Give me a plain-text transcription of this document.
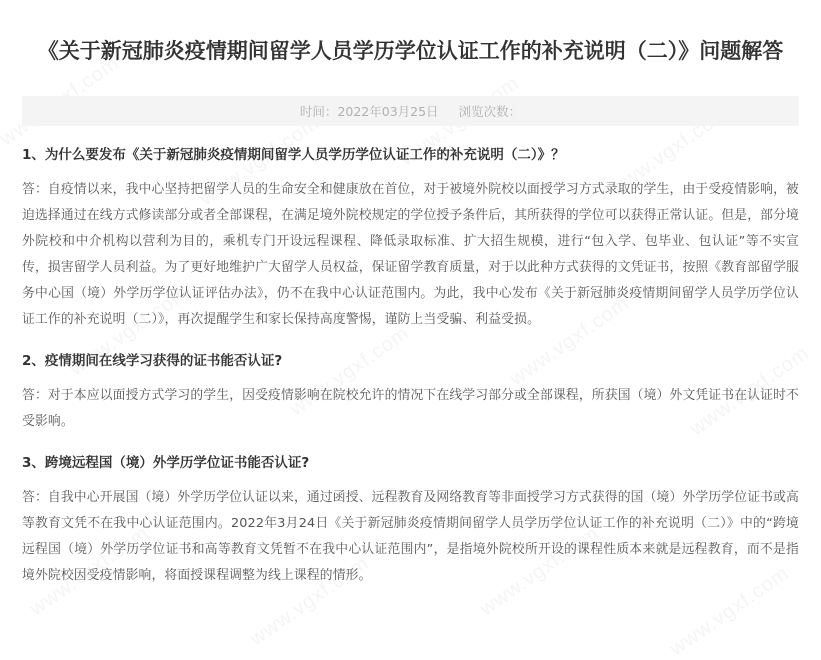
《关于新冠肺炎疫情期间留学人员学历学位认证工作的补充说明（二）》问题解答
时间：2022年03月25日 浏览次数：

1、为什么要发布《关于新冠肺炎疫情期间留学人员学历学位认证工作的补充说明（二）》？

答：自疫情以来，我中心坚持把留学人员的生命安全和健康放在首位，对于被境外院校以面授学习方式录取的学生，由于受疫情影响，被迫选择通过在线方式修读部分或者全部课程，在满足境外院校规定的学位授予条件后，其所获得的学位可以获得正常认证。但是，部分境外院校和中介机构以营利为目的，乘机专门开设远程课程、降低录取标准、扩大招生规模，进行“包入学、包毕业、包认证”等不实宣传，损害留学人员利益。为了更好地维护广大留学人员权益，保证留学教育质量，对于以此种方式获得的文凭证书，按照《教育部留学服务中心国（境）外学历学位认证评估办法》，仍不在我中心认证范围内。为此，我中心发布《关于新冠肺炎疫情期间留学人员学历学位认证工作的补充说明（二）》，再次提醒学生和家长保持高度警惕，谨防上当受骗、利益受损。

2、疫情期间在线学习获得的证书能否认证?

答：对于本应以面授方式学习的学生，因受疫情影响在院校允许的情况下在线学习部分或全部课程，所获国（境）外文凭证书在认证时不受影响。

3、跨境远程国（境）外学历学位证书能否认证?

答：自我中心开展国（境）外学历学位认证以来，通过函授、远程教育及网络教育等非面授学习方式获得的国（境）外学历学位证书或高等教育文凭不在我中心认证范围内。2022年3月24日《关于新冠肺炎疫情期间留学人员学历学位认证工作的补充说明（二）》中的“跨境远程国（境）外学历学位证书和高等教育文凭暂不在我中心认证范围内”，是指境外院校所开设的课程性质本来就是远程教育，而不是指境外院校因受疫情影响，将面授课程调整为线上课程的情形。
